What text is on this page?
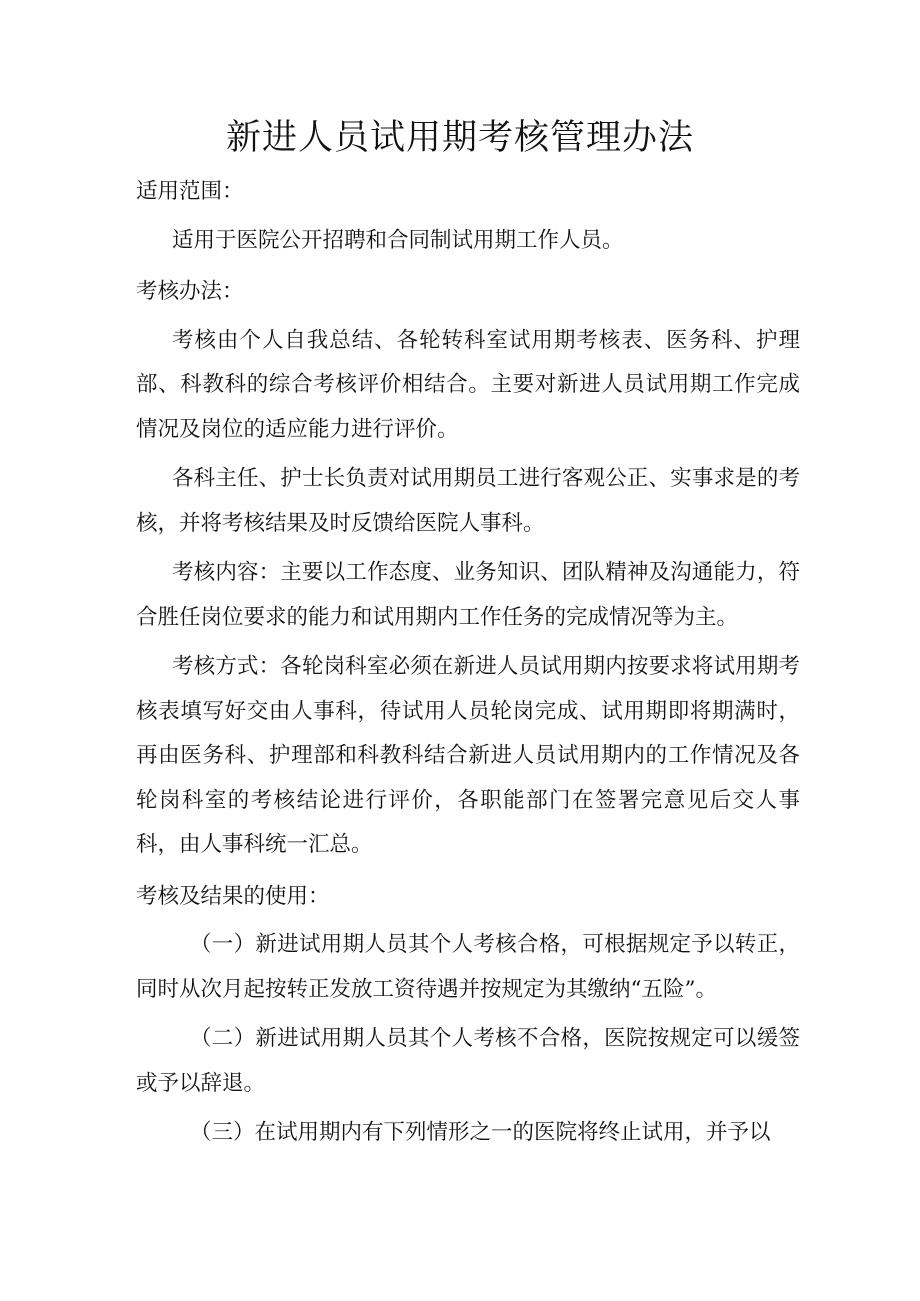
新进人员试用期考核管理办法

适用范围：

适用于医院公开招聘和合同制试用期工作人员。

考核办法：

考核由个人自我总结、各轮转科室试用期考核表、医务科、护理部、科教科的综合考核评价相结合。主要对新进人员试用期工作完成情况及岗位的适应能力进行评价。

各科主任、护士长负责对试用期员工进行客观公正、实事求是的考核，并将考核结果及时反馈给医院人事科。

考核内容：主要以工作态度、业务知识、团队精神及沟通能力，符合胜任岗位要求的能力和试用期内工作任务的完成情况等为主。

考核方式：各轮岗科室必须在新进人员试用期内按要求将试用期考核表填写好交由人事科，待试用人员轮岗完成、试用期即将期满时，再由医务科、护理部和科教科结合新进人员试用期内的工作情况及各轮岗科室的考核结论进行评价，各职能部门在签署完意见后交人事科，由人事科统一汇总。

考核及结果的使用：

（一）新进试用期人员其个人考核合格，可根据规定予以转正，同时从次月起按转正发放工资待遇并按规定为其缴纳“五险”。

（二）新进试用期人员其个人考核不合格，医院按规定可以缓签或予以辞退。

（三）在试用期内有下列情形之一的医院将终止试用，并予以
